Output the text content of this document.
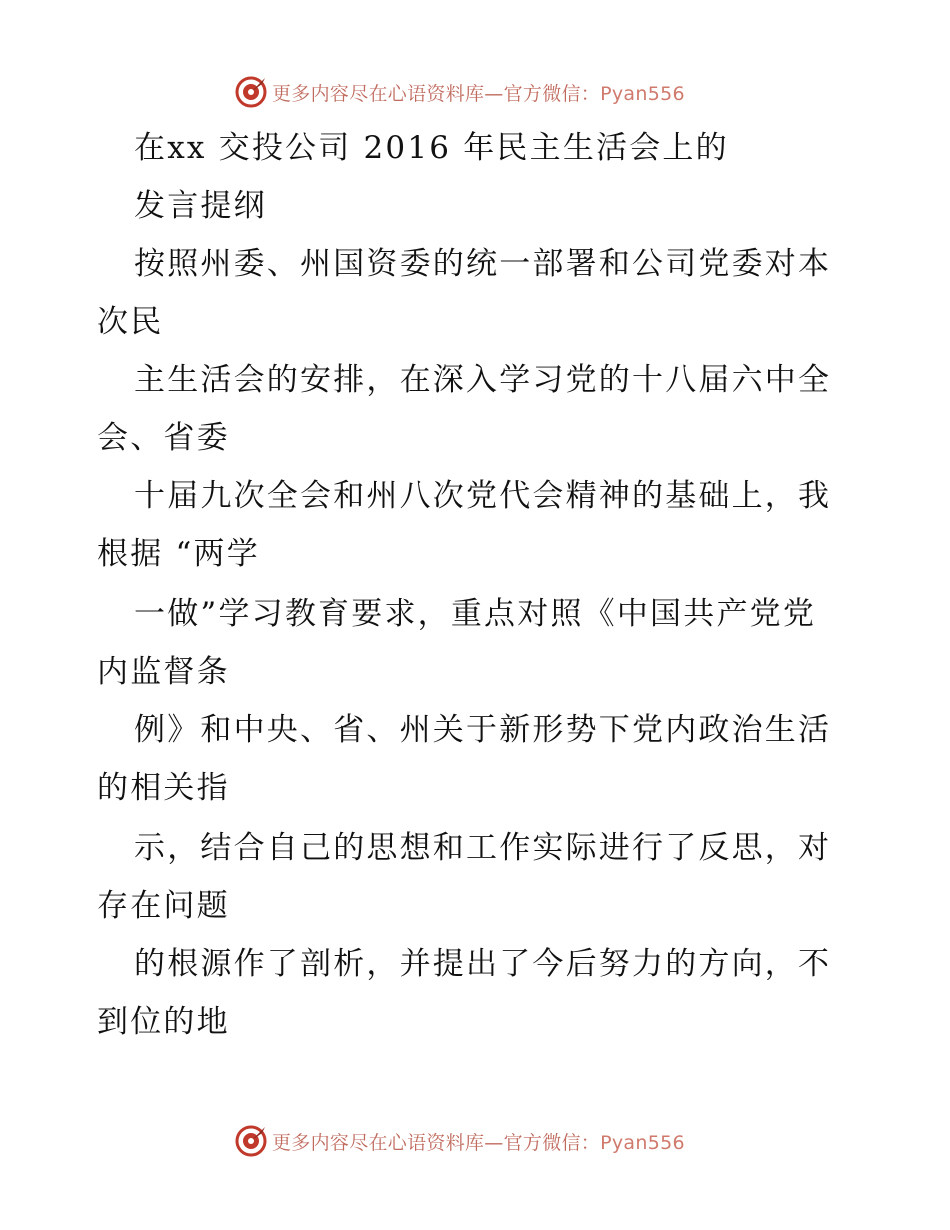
更多内容尽在心语资料库—官方微信：Pyan556
在xx 交投公司 2016 年民主生活会上的
发言提纲
按照州委、州国资委的统一部署和公司党委对本
次民
主生活会的安排，在深入学习党的十八届六中全
会、省委
十届九次全会和州八次党代会精神的基础上，我
根据 “两学
一做”学习教育要求，重点对照《中国共产党党
内监督条
例》和中央、省、州关于新形势下党内政治生活
的相关指
示，结合自己的思想和工作实际进行了反思，对
存在问题
的根源作了剖析，并提出了今后努力的方向，不
到位的地
更多内容尽在心语资料库—官方微信：Pyan556
